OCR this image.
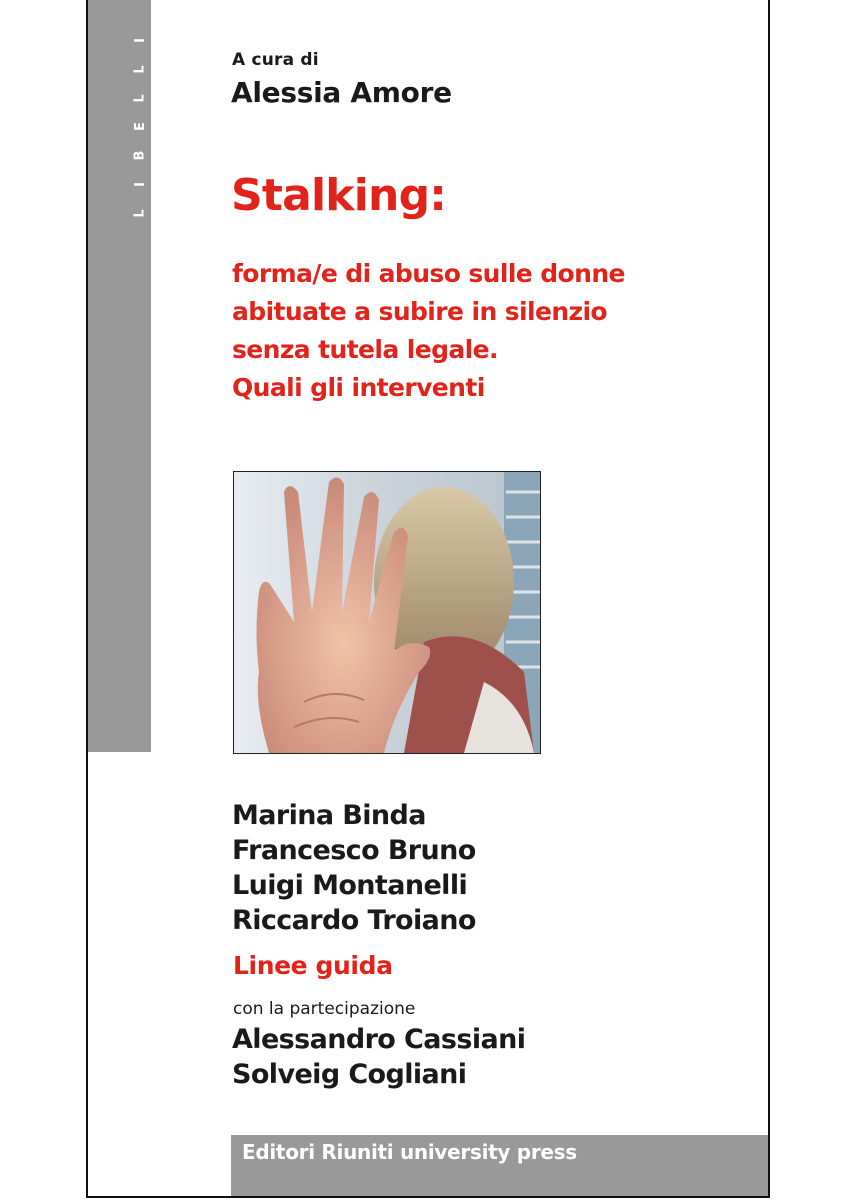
I
L
L
E
B
I
L
A cura di
Alessia Amore
Stalking:
forma/e di abuso sulle donne
abituate a subire in silenzio
senza tutela legale.
Quali gli interventi
Marina Binda
Francesco Bruno
Luigi Montanelli
Riccardo Troiano
Linee guida
con la partecipazione
Alessandro Cassiani
Solveig Cogliani
Editori Riuniti university press
